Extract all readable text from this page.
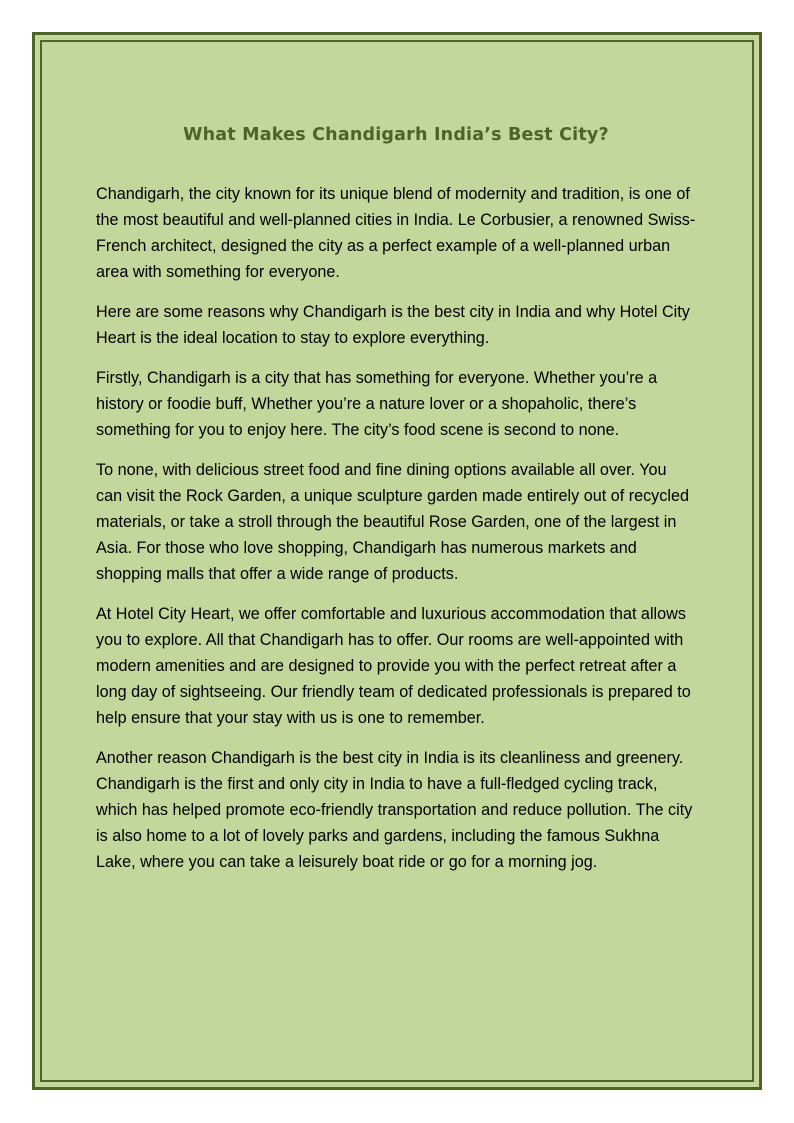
What Makes Chandigarh India’s Best City?

Chandigarh, the city known for its unique blend of modernity and tradition, is one of the most beautiful and well-planned cities in India. Le Corbusier, a renowned Swiss-French architect, designed the city as a perfect example of a well-planned urban area with something for everyone.

Here are some reasons why Chandigarh is the best city in India and why Hotel City Heart is the ideal location to stay to explore everything.

Firstly, Chandigarh is a city that has something for everyone. Whether you’re a history or foodie buff, Whether you’re a nature lover or a shopaholic, there’s something for you to enjoy here. The city’s food scene is second to none.

To none, with delicious street food and fine dining options available all over. You can visit the Rock Garden, a unique sculpture garden made entirely out of recycled materials, or take a stroll through the beautiful Rose Garden, one of the largest in Asia. For those who love shopping, Chandigarh has numerous markets and shopping malls that offer a wide range of products.

At Hotel City Heart, we offer comfortable and luxurious accommodation that allows you to explore. All that Chandigarh has to offer. Our rooms are well-appointed with modern amenities and are designed to provide you with the perfect retreat after a long day of sightseeing. Our friendly team of dedicated professionals is prepared to help ensure that your stay with us is one to remember.

Another reason Chandigarh is the best city in India is its cleanliness and greenery. Chandigarh is the first and only city in India to have a full-fledged cycling track, which has helped promote eco-friendly transportation and reduce pollution. The city is also home to a lot of lovely parks and gardens, including the famous Sukhna Lake, where you can take a leisurely boat ride or go for a morning jog.
